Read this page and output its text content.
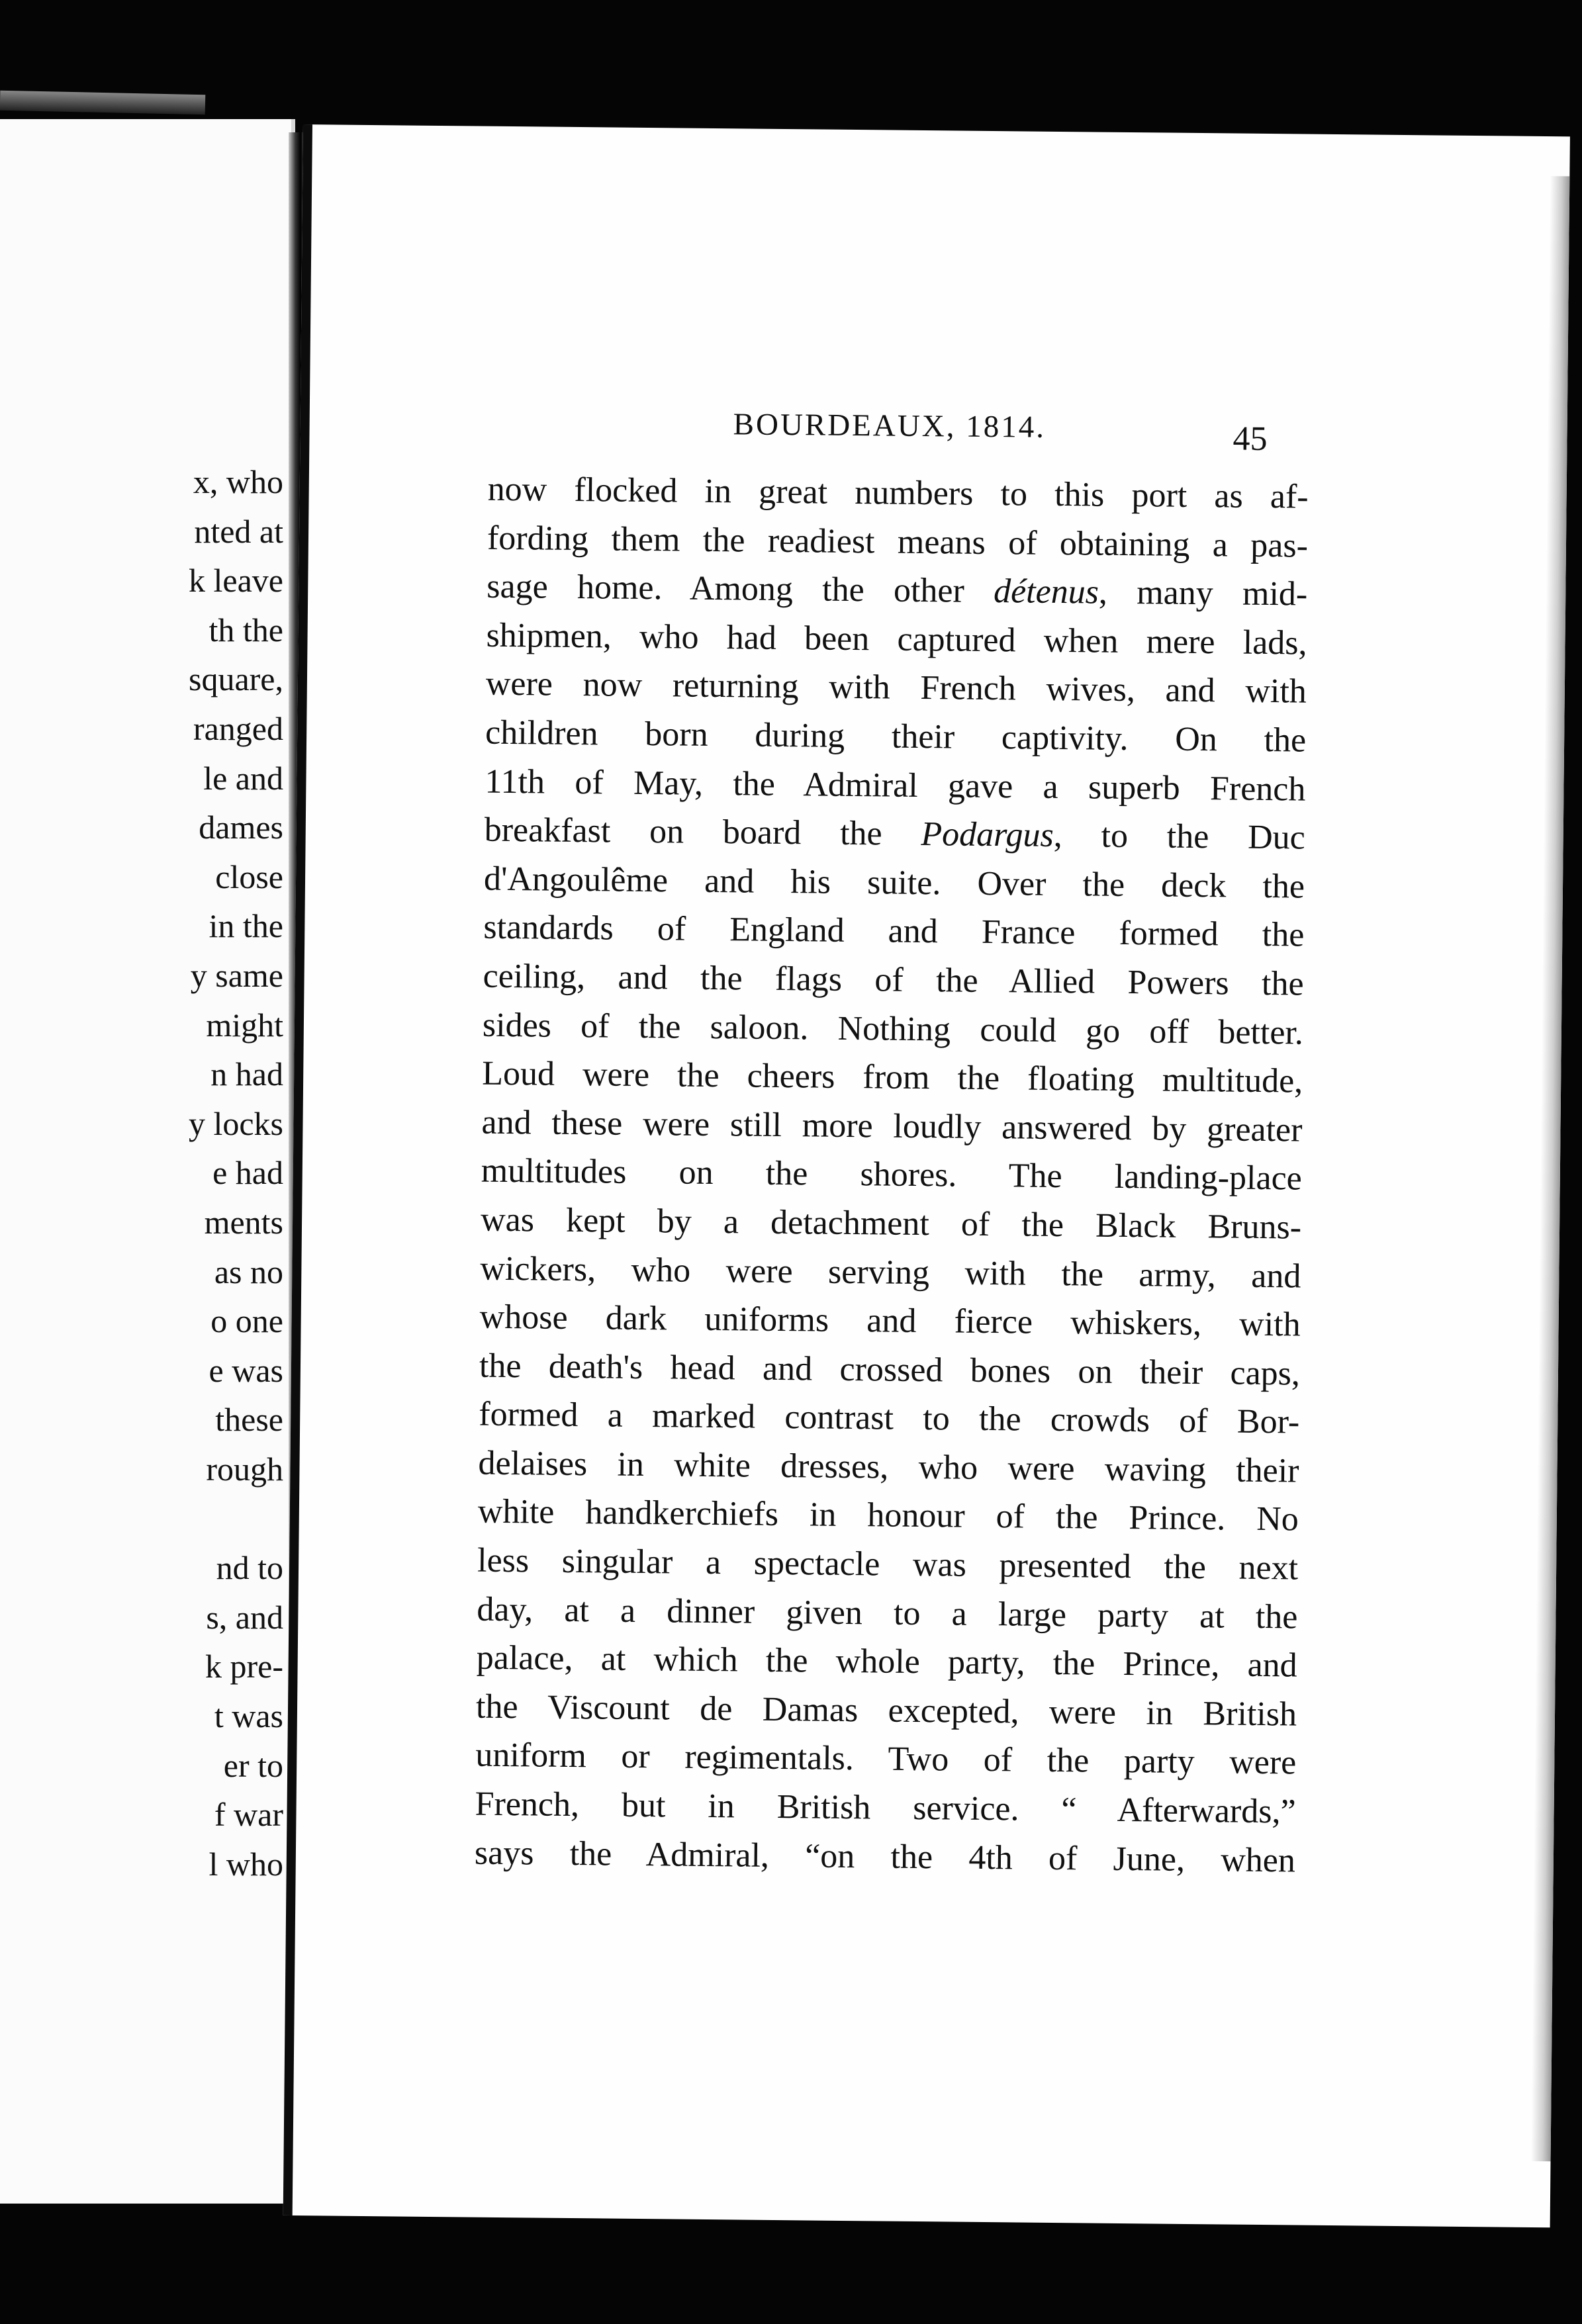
x, who
nted at
k leave
th the
square,
ranged
le and
dames
close
in the
y same
might
n had
y locks
e had
ments
as no
o one
e was
these
rough
nd to
s, and
k pre-
t was
er to
f war
l who
BOURDEAUX, 1814.	45
now flocked in great numbers to this port as af-
fording them the readiest means of obtaining a pas-
sage home. Among the other détenus, many mid-
shipmen, who had been captured when mere lads,
were now returning with French wives, and with
children born during their captivity. On the
11th of May, the Admiral gave a superb French
breakfast on board the Podargus, to the Duc
d'Angoulême and his suite. Over the deck the
standards of England and France formed the
ceiling, and the flags of the Allied Powers the
sides of the saloon. Nothing could go off better.
Loud were the cheers from the floating multitude,
and these were still more loudly answered by greater
multitudes on the shores. The landing-place
was kept by a detachment of the Black Bruns-
wickers, who were serving with the army, and
whose dark uniforms and fierce whiskers, with
the death's head and crossed bones on their caps,
formed a marked contrast to the crowds of Bor-
delaises in white dresses, who were waving their
white handkerchiefs in honour of the Prince. No
less singular a spectacle was presented the next
day, at a dinner given to a large party at the
palace, at which the whole party, the Prince, and
the Viscount de Damas excepted, were in British
uniform or regimentals. Two of the party were
French, but in British service. “ Afterwards,”
says the Admiral, “on the 4th of June, when
